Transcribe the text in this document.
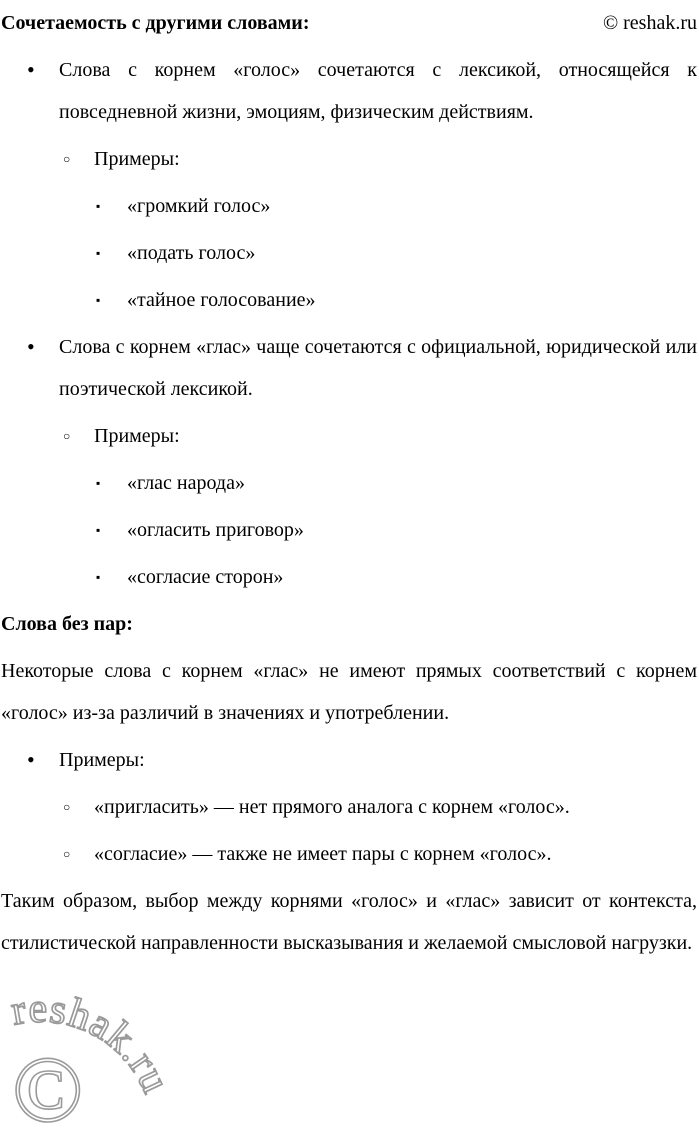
Сочетаемость с другими словами:	© reshak.ru
• Слова с корнем «голос» сочетаются с лексикой, относящейся к повседневной жизни, эмоциям, физическим действиям.
○ Примеры:
▪ «громкий голос»
▪ «подать голос»
▪ «тайное голосование»
• Слова с корнем «глас» чаще сочетаются с официальной, юридической или поэтической лексикой.
○ Примеры:
▪ «глас народа»
▪ «огласить приговор»
▪ «согласие сторон»
Слова без пар:
Некоторые слова с корнем «глас» не имеют прямых соответствий с корнем «голос» из-за различий в значениях и употреблении.
• Примеры:
○ «пригласить» — нет прямого аналога с корнем «голос».
○ «согласие» — также не имеет пары с корнем «голос».
Таким образом, выбор между корнями «голос» и «глас» зависит от контекста, стилистической направленности высказывания и желаемой смысловой нагрузки.
©
reshak.ru
